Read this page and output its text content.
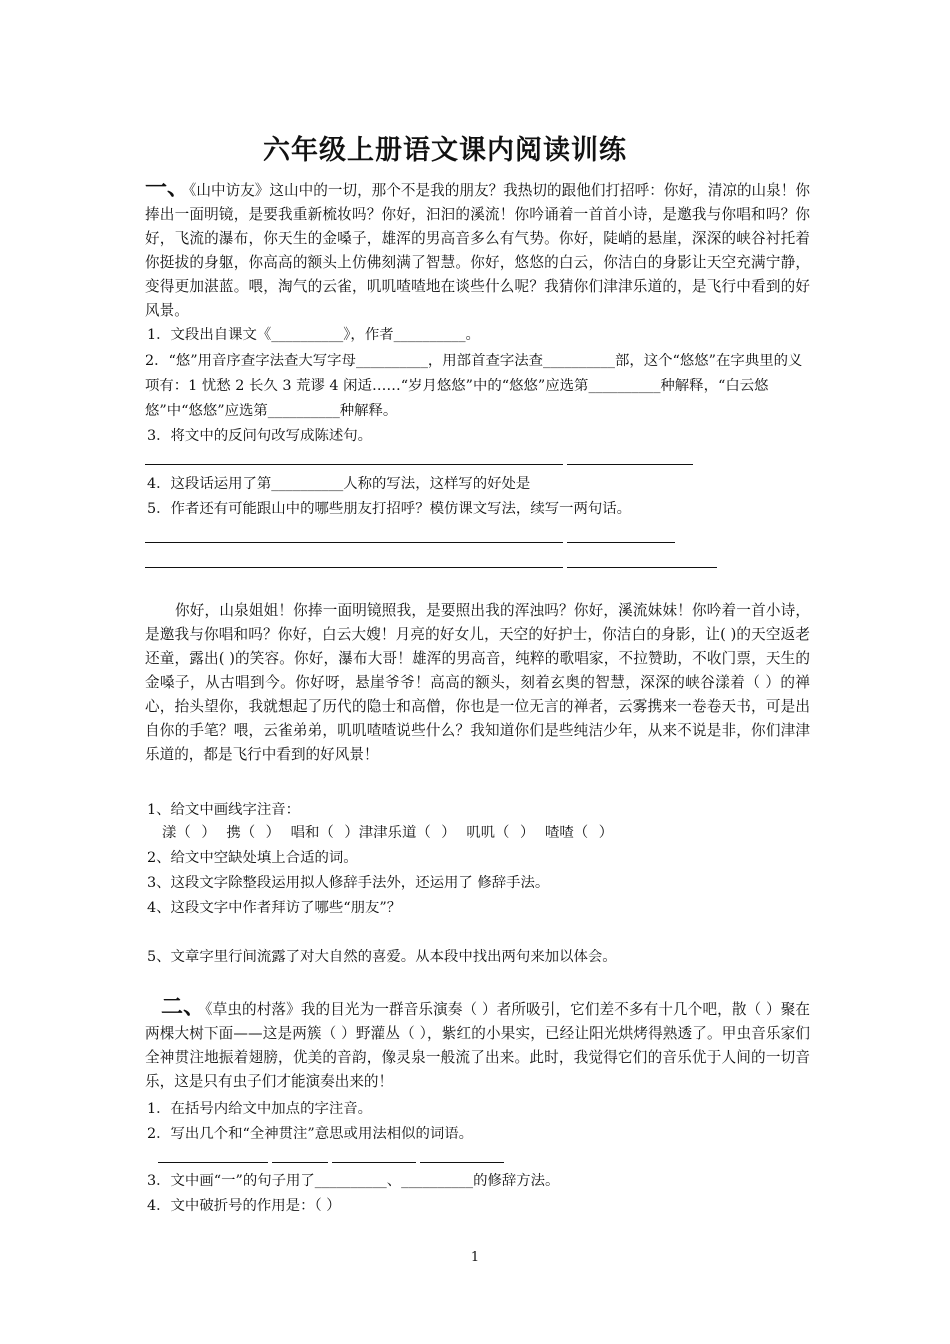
六年级上册语文课内阅读训练
一、《山中访友》这山中的一切，那个不是我的朋友？我热切的跟他们打招呼：你好，清凉的山泉！你捧出一面明镜，是要我重新梳妆吗？你好，汩汩的溪流！你吟诵着一首首小诗，是邀我与你唱和吗？你好，飞流的瀑布，你天生的金嗓子，雄浑的男高音多么有气势。你好，陡峭的悬崖，深深的峡谷衬托着你挺拔的身躯，你高高的额头上仿佛刻满了智慧。你好，悠悠的白云，你洁白的身影让天空充满宁静，变得更加湛蓝。喂，淘气的云雀，叽叽喳喳地在谈些什么呢？我猜你们津津乐道的，是飞行中看到的好风景。
1．文段出自课文《__________》，作者__________。
2．“悠”用音序查字法查大写字母__________，用部首查字法查__________部，这个“悠悠”在字典里的义项有：1 忧愁 2 长久 3 荒谬 4 闲适……“岁月悠悠”中的“悠悠”应选第__________种解释，“白云悠悠”中“悠悠”应选第__________种解释。
3．将文中的反问句改写成陈述句。
4．这段话运用了第__________人称的写法，这样写的好处是
5．作者还有可能跟山中的哪些朋友打招呼？模仿课文写法，续写一两句话。
你好，山泉姐姐！你捧一面明镜照我，是要照出我的浑浊吗？你好，溪流妹妹！你吟着一首小诗，是邀我与你唱和吗？你好，白云大嫂！月亮的好女儿，天空的好护士，你洁白的身影，让( )的天空返老还童，露出( )的笑容。你好，瀑布大哥！雄浑的男高音，纯粹的歌唱家，不拉赞助，不收门票，天生的金嗓子，从古唱到今。你好呀，悬崖爷爷！高高的额头，刻着玄奥的智慧，深深的峡谷漾着（ ）的禅心，抬头望你，我就想起了历代的隐士和高僧，你也是一位无言的禅者，云雾携来一卷卷天书，可是出自你的手笔？喂，云雀弟弟，叽叽喳喳说些什么？我知道你们是些纯洁少年，从来不说是非，你们津津乐道的，都是飞行中看到的好风景！
1、给文中画线字注音：
漾（ ） 携（ ） 唱和（ ）津津乐道（ ） 叽叽（ ） 喳喳（ ）
2、给文中空缺处填上合适的词。
3、这段文字除整段运用拟人修辞手法外，还运用了 修辞手法。
4、这段文字中作者拜访了哪些“朋友”？
5、文章字里行间流露了对大自然的喜爱。从本段中找出两句来加以体会。
二、《草虫的村落》我的目光为一群音乐演奏（ ）者所吸引，它们差不多有十几个吧，散（ ）聚在两棵大树下面——这是两簇（ ）野灌丛（ ），紫红的小果实，已经让阳光烘烤得熟透了。甲虫音乐家们全神贯注地振着翅膀，优美的音韵，像灵泉一般流了出来。此时，我觉得它们的音乐优于人间的一切音乐，这是只有虫子们才能演奏出来的！
1．在括号内给文中加点的字注音。
2．写出几个和“全神贯注”意思或用法相似的词语。
3．文中画“一”的句子用了__________、__________的修辞方法。
4．文中破折号的作用是：（ ）
1
